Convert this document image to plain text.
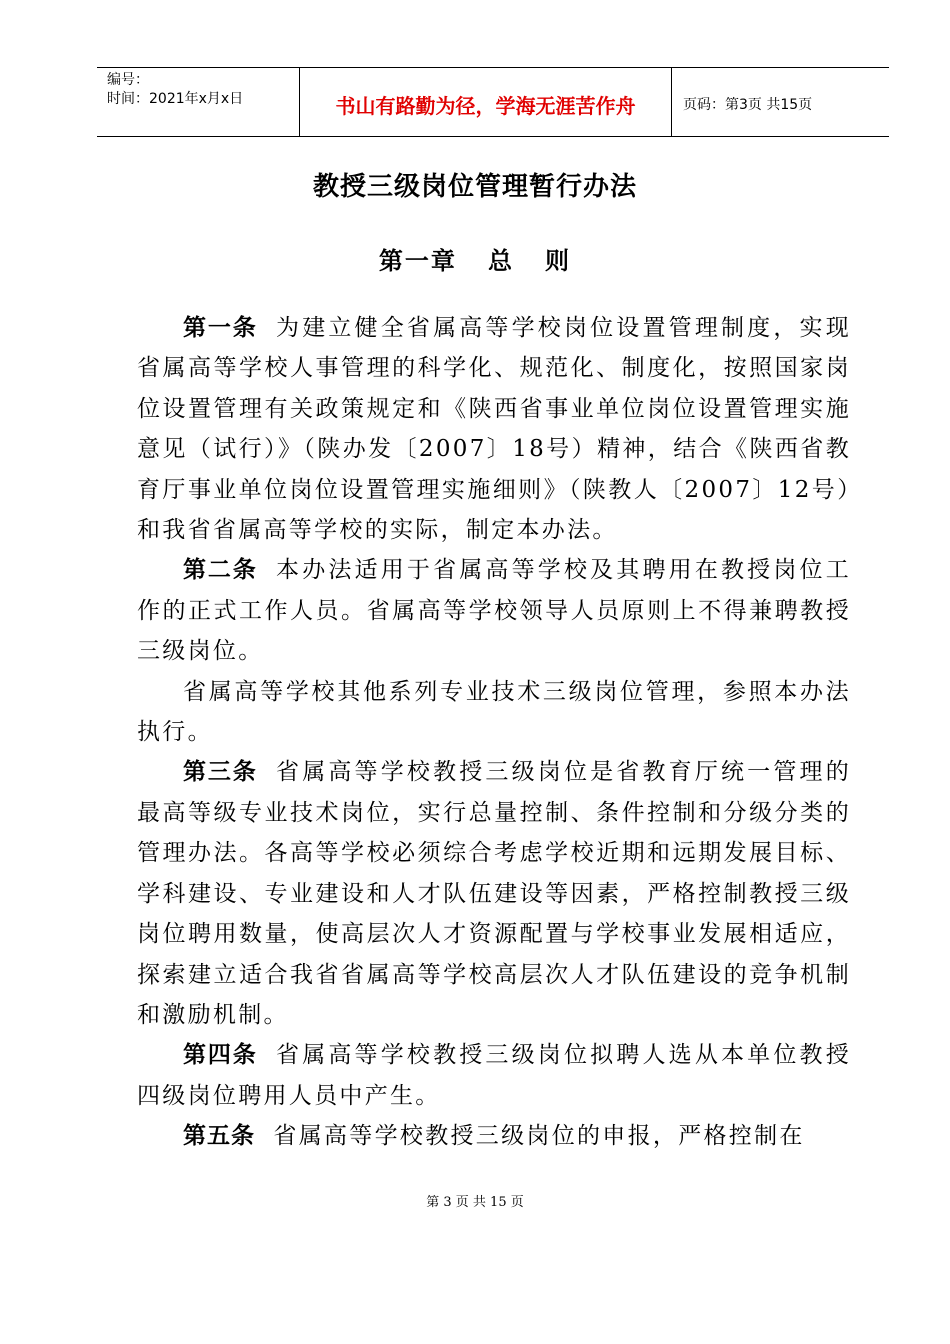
编号：
时间：2021年x月x日	书山有路勤为径，学海无涯苦作舟	页码：第3页 共15页
教授三级岗位管理暂行办法
第一章   总   则

第一条 为建立健全省属高等学校岗位设置管理制度，实现省属高等学校人事管理的科学化、规范化、制度化，按照国家岗位设置管理有关政策规定和《陕西省事业单位岗位设置管理实施意见（试行）》（陕办发〔2007〕18号）精神，结合《陕西省教育厅事业单位岗位设置管理实施细则》（陕教人〔2007〕12号）和我省省属高等学校的实际，制定本办法。

第二条 本办法适用于省属高等学校及其聘用在教授岗位工作的正式工作人员。省属高等学校领导人员原则上不得兼聘教授三级岗位。

省属高等学校其他系列专业技术三级岗位管理，参照本办法执行。

第三条 省属高等学校教授三级岗位是省教育厅统一管理的最高等级专业技术岗位，实行总量控制、条件控制和分级分类的管理办法。各高等学校必须综合考虑学校近期和远期发展目标、学科建设、专业建设和人才队伍建设等因素，严格控制教授三级岗位聘用数量，使高层次人才资源配置与学校事业发展相适应，探索建立适合我省省属高等学校高层次人才队伍建设的竞争机制和激励机制。

第四条 省属高等学校教授三级岗位拟聘人选从本单位教授四级岗位聘用人员中产生。

第五条 省属高等学校教授三级岗位的申报，严格控制在

第 3 页 共 15 页
